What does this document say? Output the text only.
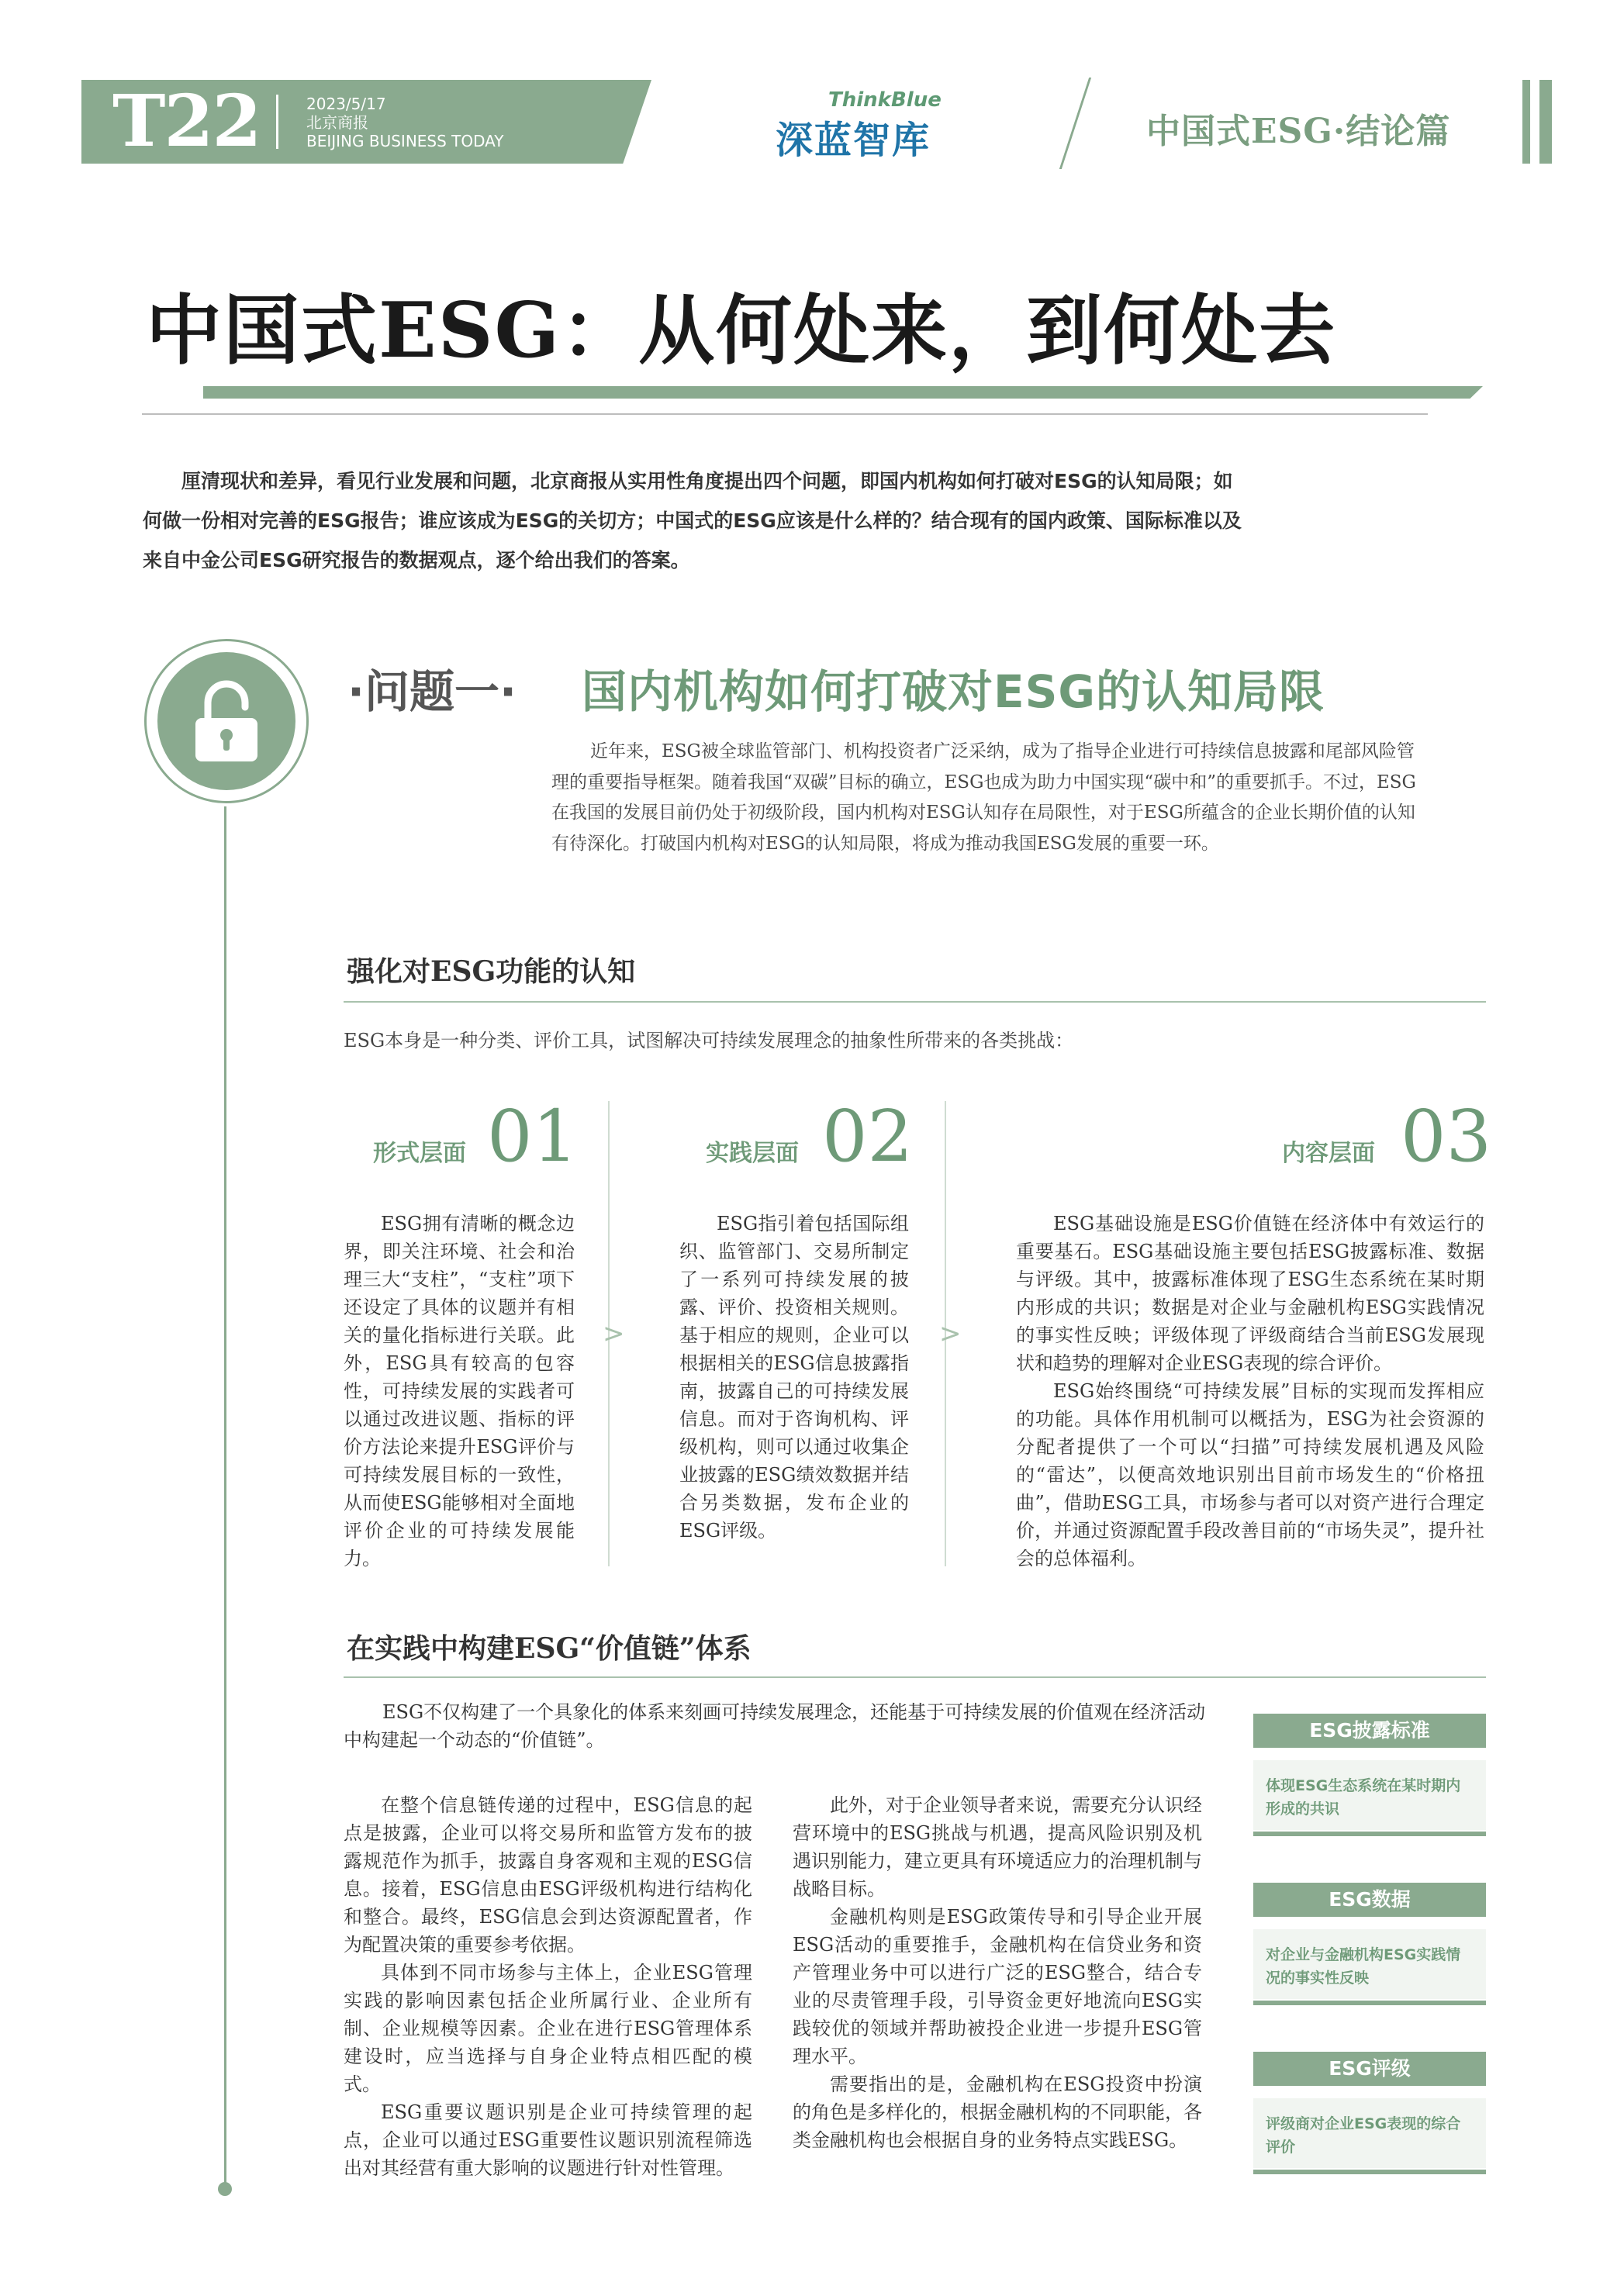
T22	2023/5/17
北京商报
BEIJING BUSINESS TODAY
ThinkBlue
深蓝智库	中国式ESG·结论篇
中国式ESG：从何处来，到何处去

厘清现状和差异，看见行业发展和问题，北京商报从实用性角度提出四个问题，即国内机构如何打破对ESG的认知局限；如何做一份相对完善的ESG报告；谁应该成为ESG的关切方；中国式的ESG应该是什么样的？结合现有的国内政策、国际标准以及来自中金公司ESG研究报告的数据观点，逐个给出我们的答案。

·问题一· 国内机构如何打破对ESG的认知局限

近年来，ESG被全球监管部门、机构投资者广泛采纳，成为了指导企业进行可持续信息披露和尾部风险管理的重要指导框架。随着我国“双碳”目标的确立，ESG也成为助力中国实现“碳中和”的重要抓手。不过，ESG在我国的发展目前仍处于初级阶段，国内机构对ESG认知存在局限性，对于ESG所蕴含的企业长期价值的认知有待深化。打破国内机构对ESG的认知局限，将成为推动我国ESG发展的重要一环。

强化对ESG功能的认知
ESG本身是一种分类、评价工具，试图解决可持续发展理念的抽象性所带来的各类挑战：
形式层面 01	实践层面 02	内容层面 03
>	>

ESG拥有清晰的概念边界，即关注环境、社会和治理三大“支柱”，“支柱”项下还设定了具体的议题并有相关的量化指标进行关联。此外，ESG具有较高的包容性，可持续发展的实践者可以通过改进议题、指标的评价方法论来提升ESG评价与可持续发展目标的一致性，从而使ESG能够相对全面地评价企业的可持续发展能力。

ESG指引着包括国际组织、监管部门、交易所制定了一系列可持续发展的披露、评价、投资相关规则。基于相应的规则，企业可以根据相关的ESG信息披露指南，披露自己的可持续发展信息。而对于咨询机构、评级机构，则可以通过收集企业披露的ESG绩效数据并结合另类数据，发布企业的ESG评级。

ESG基础设施是ESG价值链在经济体中有效运行的重要基石。ESG基础设施主要包括ESG披露标准、数据与评级。其中，披露标准体现了ESG生态系统在某时期内形成的共识；数据是对企业与金融机构ESG实践情况的事实性反映；评级体现了评级商结合当前ESG发展现状和趋势的理解对企业ESG表现的综合评价。

ESG始终围绕“可持续发展”目标的实现而发挥相应的功能。具体作用机制可以概括为，ESG为社会资源的分配者提供了一个可以“扫描”可持续发展机遇及风险的“雷达”，以便高效地识别出目前市场发生的“价格扭曲”，借助ESG工具，市场参与者可以对资产进行合理定价，并通过资源配置手段改善目前的“市场失灵”，提升社会的总体福利。

在实践中构建ESG“价值链”体系

ESG不仅构建了一个具象化的体系来刻画可持续发展理念，还能基于可持续发展的价值观在经济活动中构建起一个动态的“价值链”。

在整个信息链传递的过程中，ESG信息的起点是披露，企业可以将交易所和监管方发布的披露规范作为抓手，披露自身客观和主观的ESG信息。接着，ESG信息由ESG评级机构进行结构化和整合。最终，ESG信息会到达资源配置者，作为配置决策的重要参考依据。

具体到不同市场参与主体上，企业ESG管理实践的影响因素包括企业所属行业、企业所有制、企业规模等因素。企业在进行ESG管理体系建设时，应当选择与自身企业特点相匹配的模式。

ESG重要议题识别是企业可持续管理的起点，企业可以通过ESG重要性议题识别流程筛选出对其经营有重大影响的议题进行针对性管理。

此外，对于企业领导者来说，需要充分认识经营环境中的ESG挑战与机遇，提高风险识别及机遇识别能力，建立更具有环境适应力的治理机制与战略目标。

金融机构则是ESG政策传导和引导企业开展ESG活动的重要推手，金融机构在信贷业务和资产管理业务中可以进行广泛的ESG整合，结合专业的尽责管理手段，引导资金更好地流向ESG实践较优的领域并帮助被投企业进一步提升ESG管理水平。

需要指出的是，金融机构在ESG投资中扮演的角色是多样化的，根据金融机构的不同职能，各类金融机构也会根据自身的业务特点实践ESG。

ESG披露标准
体现ESG生态系统在某时期内形成的共识
ESG数据
对企业与金融机构ESG实践情况的事实性反映
ESG评级
评级商对企业ESG表现的综合评价
